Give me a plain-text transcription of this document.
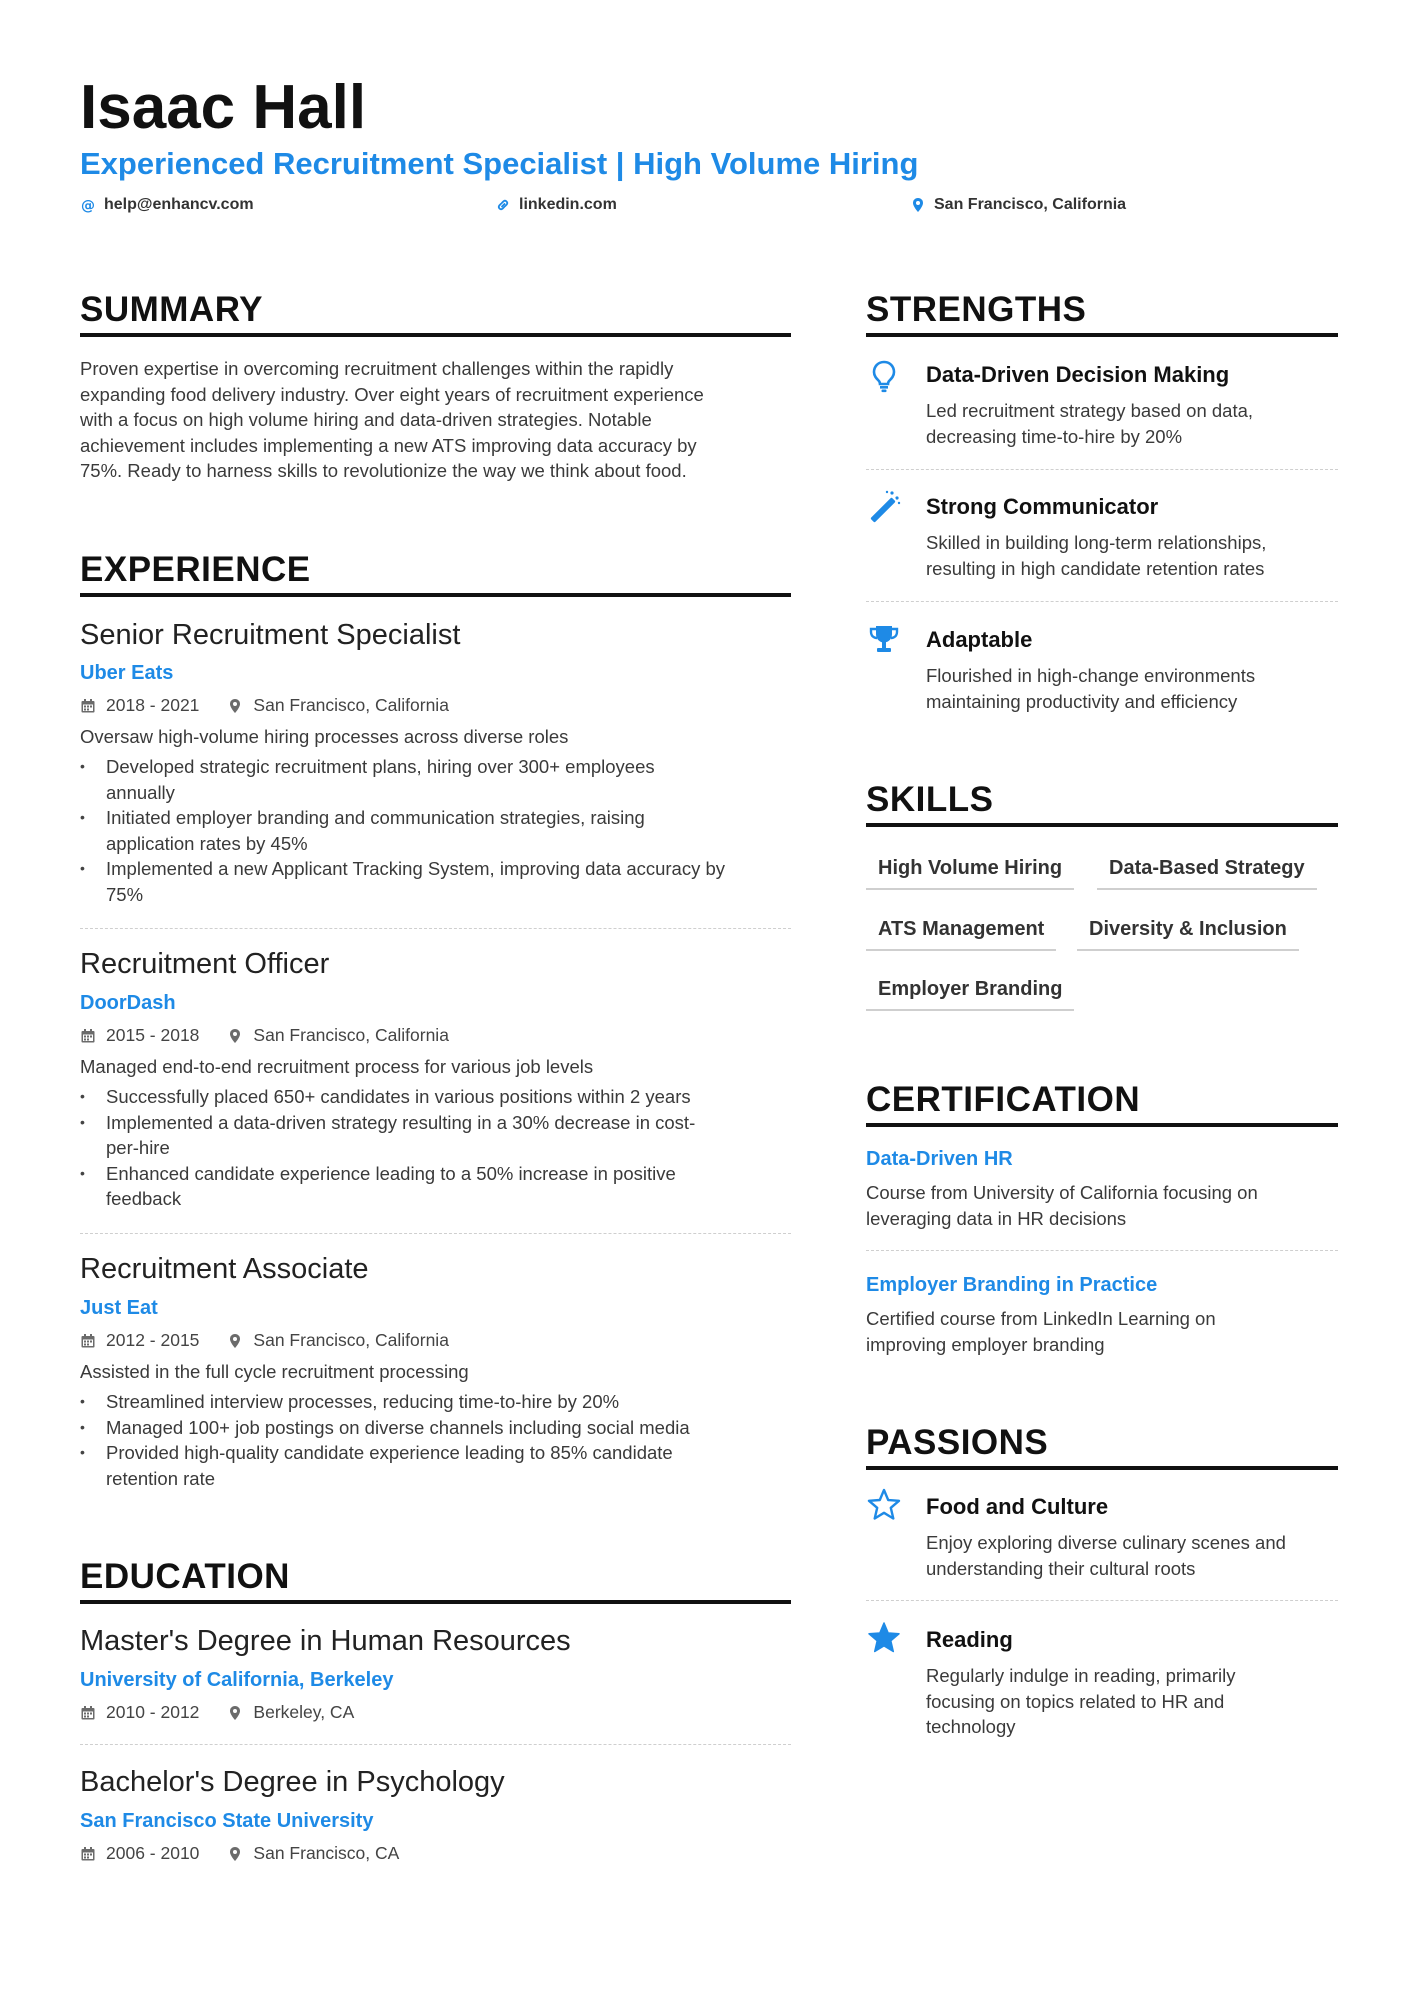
Isaac Hall
Experienced Recruitment Specialist | High Volume Hiring
@ help@enhancv.com	linkedin.com	San Francisco, California
SUMMARY
Proven expertise in overcoming recruitment challenges within the rapidly
expanding food delivery industry. Over eight years of recruitment experience
with a focus on high volume hiring and data-driven strategies. Notable
achievement includes implementing a new ATS improving data accuracy by
75%. Ready to harness skills to revolutionize the way we think about food.
EXPERIENCE
Senior Recruitment Specialist
Uber Eats
2018 - 2021	San Francisco, California
Oversaw high-volume hiring processes across diverse roles
• Developed strategic recruitment plans, hiring over 300+ employees
annually
• Initiated employer branding and communication strategies, raising
application rates by 45%
• Implemented a new Applicant Tracking System, improving data accuracy by
75%
Recruitment Officer
DoorDash
2015 - 2018	San Francisco, California
Managed end-to-end recruitment process for various job levels
• Successfully placed 650+ candidates in various positions within 2 years
• Implemented a data-driven strategy resulting in a 30% decrease in cost-
per-hire
• Enhanced candidate experience leading to a 50% increase in positive
feedback
Recruitment Associate
Just Eat
2012 - 2015	San Francisco, California
Assisted in the full cycle recruitment processing
• Streamlined interview processes, reducing time-to-hire by 20%
• Managed 100+ job postings on diverse channels including social media
• Provided high-quality candidate experience leading to 85% candidate
retention rate
EDUCATION
Master's Degree in Human Resources
University of California, Berkeley
2010 - 2012	Berkeley, CA
Bachelor's Degree in Psychology
San Francisco State University
2006 - 2010	San Francisco, CA
STRENGTHS
Data-Driven Decision Making
Led recruitment strategy based on data,
decreasing time-to-hire by 20%
Strong Communicator
Skilled in building long-term relationships,
resulting in high candidate retention rates
Adaptable
Flourished in high-change environments
maintaining productivity and efficiency
SKILLS
High Volume Hiring	Data-Based Strategy
ATS Management	Diversity & Inclusion
Employer Branding
CERTIFICATION
Data-Driven HR
Course from University of California focusing on
leveraging data in HR decisions
Employer Branding in Practice
Certified course from LinkedIn Learning on
improving employer branding
PASSIONS
Food and Culture
Enjoy exploring diverse culinary scenes and
understanding their cultural roots
Reading
Regularly indulge in reading, primarily
focusing on topics related to HR and
technology
